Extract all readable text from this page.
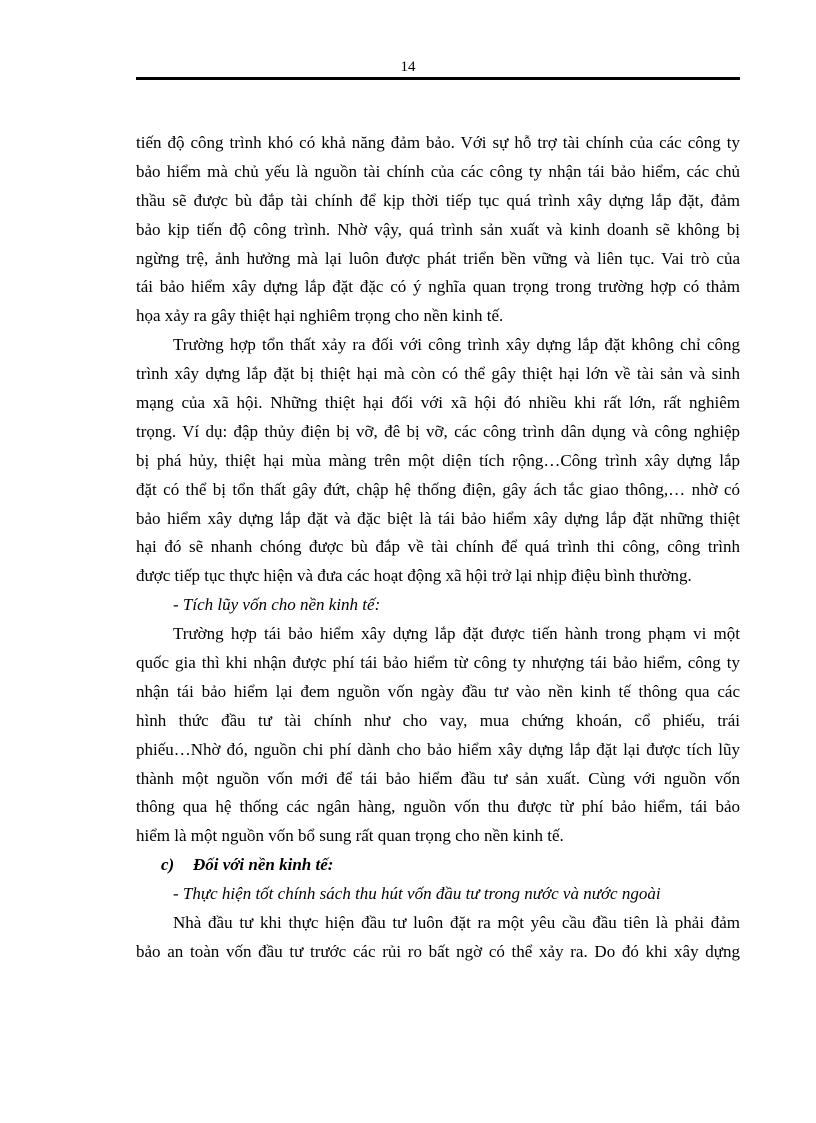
14
tiến độ công trình khó có khả năng đảm bảo. Với sự hỗ trợ tài chính của các công ty
bảo hiểm mà chủ yếu là nguồn tài chính của các công ty nhận tái bảo hiểm, các chủ
thầu sẽ được bù đắp tài chính để kịp thời tiếp tục quá trình xây dựng lắp đặt, đảm
bảo kịp tiến độ công trình. Nhờ vậy, quá trình sản xuất và kinh doanh sẽ không bị
ngừng trệ, ảnh hưởng mà lại luôn được phát triển bền vững và liên tục. Vai trò của
tái bảo hiểm xây dựng lắp đặt đặc có ý nghĩa quan trọng trong trường hợp có thảm
họa xảy ra gây thiệt hại nghiêm trọng cho nền kinh tế.
Trường hợp tổn thất xảy ra đối với công trình xây dựng lắp đặt không chỉ công
trình xây dựng lắp đặt bị thiệt hại mà còn có thể gây thiệt hại lớn về tài sản và sinh
mạng của xã hội. Những thiệt hại đối với xã hội đó nhiều khi rất lớn, rất nghiêm
trọng. Ví dụ: đập thủy điện bị vỡ, đê bị vỡ, các công trình dân dụng và công nghiệp
bị phá hủy, thiệt hại mùa màng trên một diện tích rộng…Công trình xây dựng lắp
đặt có thể bị tổn thất gây đứt, chập hệ thống điện, gây ách tắc giao thông,… nhờ có
bảo hiểm xây dựng lắp đặt và đặc biệt là tái bảo hiểm xây dựng lắp đặt những thiệt
hại đó sẽ nhanh chóng được bù đắp về tài chính để quá trình thi công, công trình
được tiếp tục thực hiện và đưa các hoạt động xã hội trở lại nhịp điệu bình thường.
- Tích lũy vốn cho nền kinh tế:
Trường hợp tái bảo hiểm xây dựng lắp đặt được tiến hành trong phạm vi một
quốc gia thì khi nhận được phí tái bảo hiểm từ công ty nhượng tái bảo hiểm, công ty
nhận tái bảo hiểm lại đem nguồn vốn ngày đầu tư vào nền kinh tế thông qua các
hình thức đầu tư tài chính như cho vay, mua chứng khoán, cổ phiếu, trái
phiếu…Nhờ đó, nguồn chi phí dành cho bảo hiểm xây dựng lắp đặt lại được tích lũy
thành một nguồn vốn mới để tái bảo hiểm đầu tư sản xuất. Cùng với nguồn vốn
thông qua hệ thống các ngân hàng, nguồn vốn thu được từ phí bảo hiểm, tái bảo
hiểm là một nguồn vốn bổ sung rất quan trọng cho nền kinh tế.
c) Đối với nền kinh tế:
- Thực hiện tốt chính sách thu hút vốn đầu tư trong nước và nước ngoài
Nhà đầu tư khi thực hiện đầu tư luôn đặt ra một yêu cầu đầu tiên là phải đảm
bảo an toàn vốn đầu tư trước các rủi ro bất ngờ có thể xảy ra. Do đó khi xây dựng
